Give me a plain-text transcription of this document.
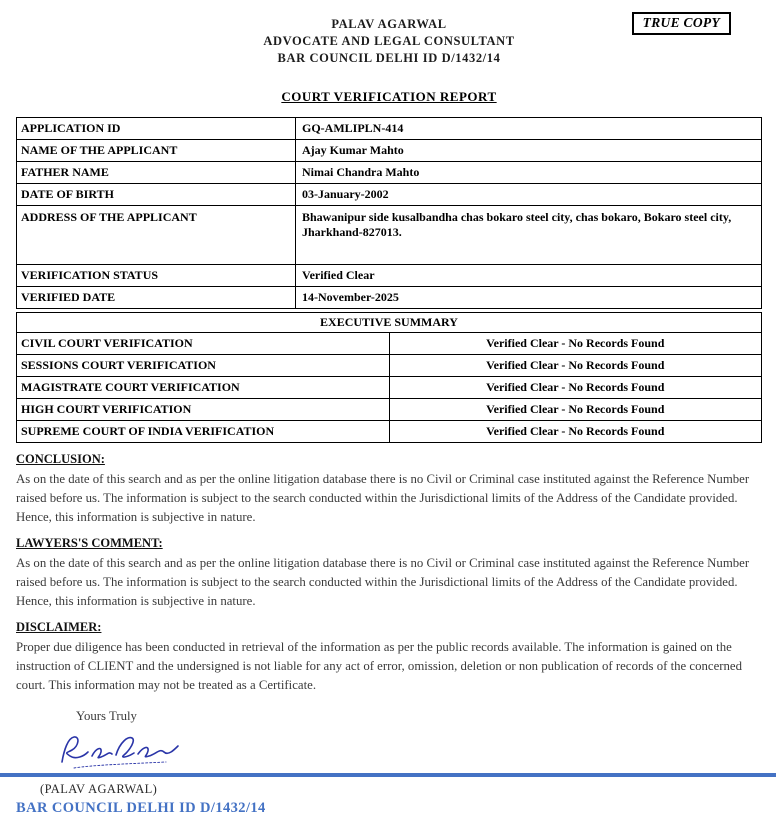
TRUE COPY
PALAV AGARWAL
ADVOCATE AND LEGAL CONSULTANT
BAR COUNCIL DELHI ID D/1432/14
COURT VERIFICATION REPORT
APPLICATION ID	GQ-AMLIPLN-414
NAME OF THE APPLICANT	Ajay Kumar Mahto
FATHER NAME	Nimai Chandra Mahto
DATE OF BIRTH	03-January-2002
ADDRESS OF THE APPLICANT	Bhawanipur side kusalbandha chas bokaro steel city, chas bokaro, Bokaro steel city, Jharkhand-827013.
VERIFICATION STATUS	Verified Clear
VERIFIED DATE	14-November-2025
EXECUTIVE SUMMARY	
CIVIL COURT VERIFICATION	Verified Clear - No Records Found
SESSIONS COURT VERIFICATION	Verified Clear - No Records Found
MAGISTRATE COURT VERIFICATION	Verified Clear - No Records Found
HIGH COURT VERIFICATION	Verified Clear - No Records Found
SUPREME COURT OF INDIA VERIFICATION	Verified Clear - No Records Found
CONCLUSION:

As on the date of this search and as per the online litigation database there is no Civil or Criminal case instituted against the Reference Number raised before us. The information is subject to the search conducted within the Jurisdictional limits of the Address of the Candidate provided. Hence, this information is subjective in nature.

LAWYERS'S COMMENT:

As on the date of this search and as per the online litigation database there is no Civil or Criminal case instituted against the Reference Number raised before us. The information is subject to the search conducted within the Jurisdictional limits of the Address of the Candidate provided. Hence, this information is subjective in nature.

DISCLAIMER:

Proper due diligence has been conducted in retrieval of the information as per the public records available. The information is gained on the instruction of CLIENT and the undersigned is not liable for any act of error, omission, deletion or non publication of records of the concerned court. This information may not be treated as a Certificate.

Yours Truly
(PALAV AGARWAL)
BAR COUNCIL DELHI ID D/1432/14
